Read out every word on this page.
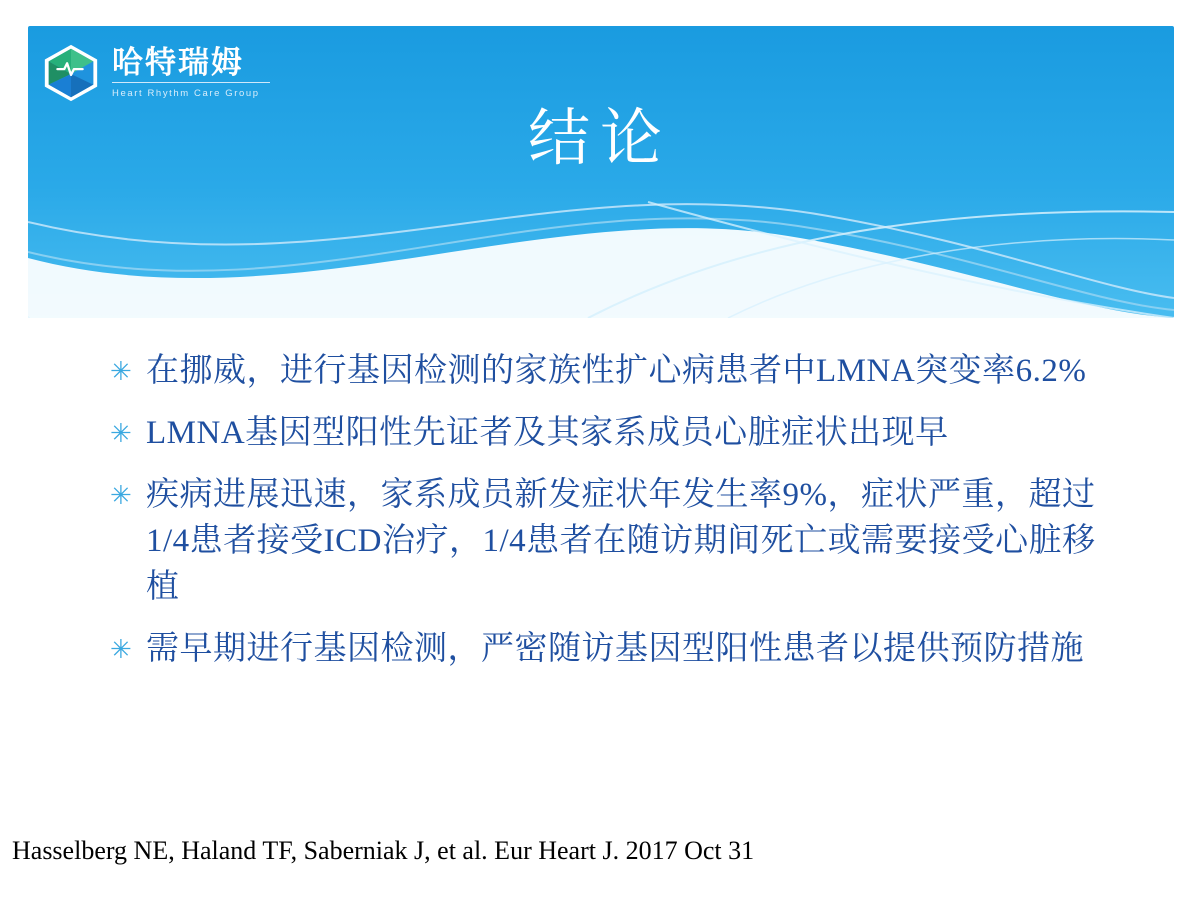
哈特瑞姆
Heart Rhythm Care Group
结论
✳ 在挪威，进行基因检测的家族性扩心病患者中LMNA突变率6.2%
✳ LMNA基因型阳性先证者及其家系成员心脏症状出现早
✳ 疾病进展迅速，家系成员新发症状年发生率9%，症状严重，超过1/4患者接受ICD治疗，1/4患者在随访期间死亡或需要接受心脏移植
✳ 需早期进行基因检测，严密随访基因型阳性患者以提供预防措施
Hasselberg NE, Haland TF, Saberniak J, et al. Eur Heart J. 2017 Oct 31
